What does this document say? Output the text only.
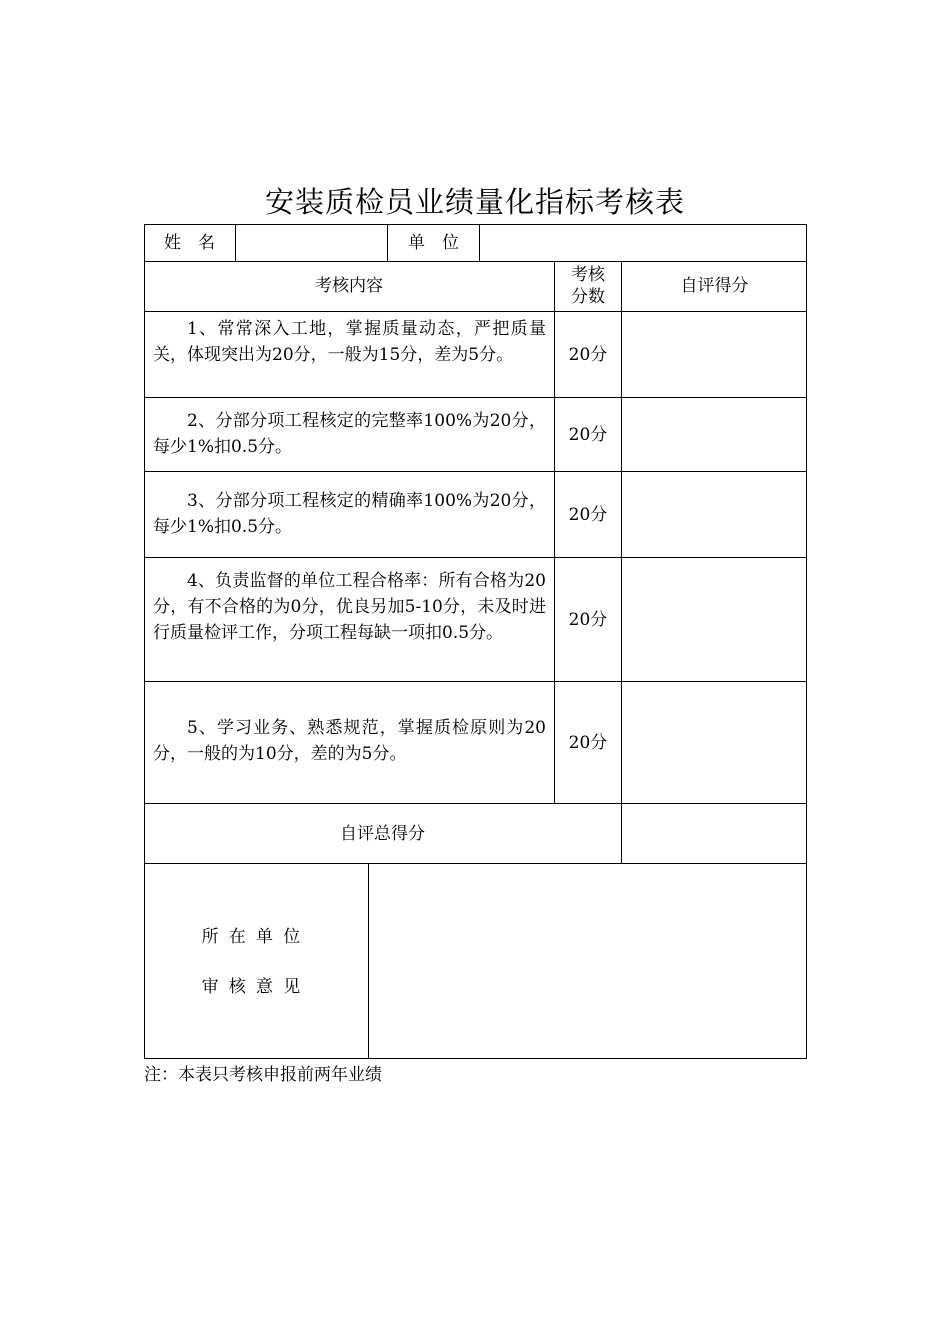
安装质检员业绩量化指标考核表
姓　名	单　位
考核内容
考核
分数
自评得分
1、常常深入工地，掌握质量动态，严把质量关，体现突出为20分，一般为15分，差为5分。	20分
2、分部分项工程核定的完整率100%为20分，每少1%扣0.5分。
20分
3、分部分项工程核定的精确率100%为20分，每少1%扣0.5分。
20分
4、负责监督的单位工程合格率：所有合格为20分，有不合格的为0分，优良另加5-10分，未及时进行质量检评工作，分项工程每缺一项扣0.5分。
20分
5、学习业务、熟悉规范，掌握质检原则为20分，一般的为10分，差的为5分。
20分
自评总得分
所在单位
审核意见
注：本表只考核申报前两年业绩
